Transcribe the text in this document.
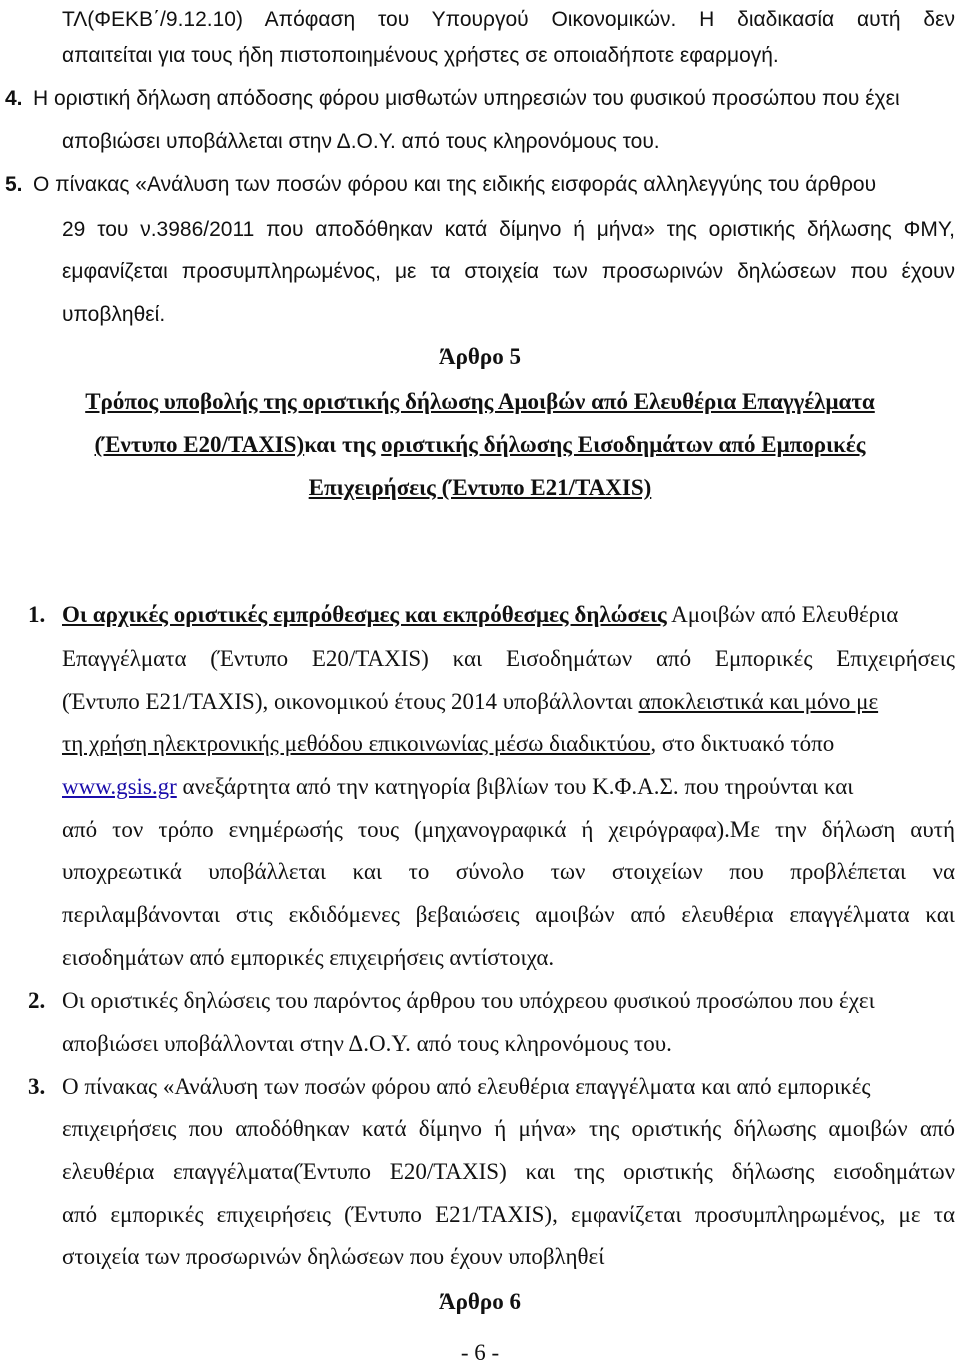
ΤΛ(ΦΕΚΒ΄/9.12.10) Απόφαση του Υπουργού Οικονομικών. Η διαδικασία αυτή δεν
απαιτείται για τους ήδη πιστοποιημένους χρήστες σε οποιαδήποτε εφαρμογή.
4. Η οριστική δήλωση απόδοσης φόρου μισθωτών υπηρεσιών του φυσικού προσώπου που έχει
αποβιώσει υποβάλλεται στην Δ.Ο.Υ. από τους κληρονόμους του.
5. Ο πίνακας «Ανάλυση των ποσών φόρου και της ειδικής εισφοράς αλληλεγγύης του άρθρου
29 του ν.3986/2011 που αποδόθηκαν κατά δίμηνο ή μήνα» της οριστικής δήλωσης ΦΜΥ,
εμφανίζεται προσυμπληρωμένος, με τα στοιχεία των προσωρινών δηλώσεων που έχουν
υποβληθεί.
Άρθρο 5
Τρόπος υποβολής της οριστικής δήλωσης Αμοιβών από Ελευθέρια Επαγγέλματα
(Έντυπο Ε20/TAXIS)και της οριστικής δήλωσης Εισοδημάτων από Εμπορικές
Επιχειρήσεις (Έντυπο Ε21/TAXIS)
1. Οι αρχικές οριστικές εμπρόθεσμες και εκπρόθεσμες δηλώσεις Αμοιβών από Ελευθέρια
Επαγγέλματα (Έντυπο Ε20/TAXIS) και Εισοδημάτων από Εμπορικές Επιχειρήσεις
(Έντυπο Ε21/TAXIS), οικονομικού έτους 2014 υποβάλλονται αποκλειστικά και μόνο με
τη χρήση ηλεκτρονικής μεθόδου επικοινωνίας μέσω διαδικτύου, στο δικτυακό τόπο
www.gsis.gr ανεξάρτητα από την κατηγορία βιβλίων του Κ.Φ.Α.Σ. που τηρούνται και
από τον τρόπο ενημέρωσής τους (μηχανογραφικά ή χειρόγραφα).Με την δήλωση αυτή
υποχρεωτικά υποβάλλεται και το σύνολο των στοιχείων που προβλέπεται να
περιλαμβάνονται στις εκδιδόμενες βεβαιώσεις αμοιβών από ελευθέρια επαγγέλματα και
εισοδημάτων από εμπορικές επιχειρήσεις αντίστοιχα.
2. Οι οριστικές δηλώσεις του παρόντος άρθρου του υπόχρεου φυσικού προσώπου που έχει
αποβιώσει υποβάλλονται στην Δ.Ο.Υ. από τους κληρονόμους του.
3. Ο πίνακας «Ανάλυση των ποσών φόρου από ελευθέρια επαγγέλματα και από εμπορικές
επιχειρήσεις που αποδόθηκαν κατά δίμηνο ή μήνα» της οριστικής δήλωσης αμοιβών από
ελευθέρια επαγγέλματα(Έντυπο Ε20/TAXIS) και της οριστικής δήλωσης εισοδημάτων
από εμπορικές επιχειρήσεις (Έντυπο Ε21/TAXIS), εμφανίζεται προσυμπληρωμένος, με τα
στοιχεία των προσωρινών δηλώσεων που έχουν υποβληθεί
Άρθρο 6
- 6 -
